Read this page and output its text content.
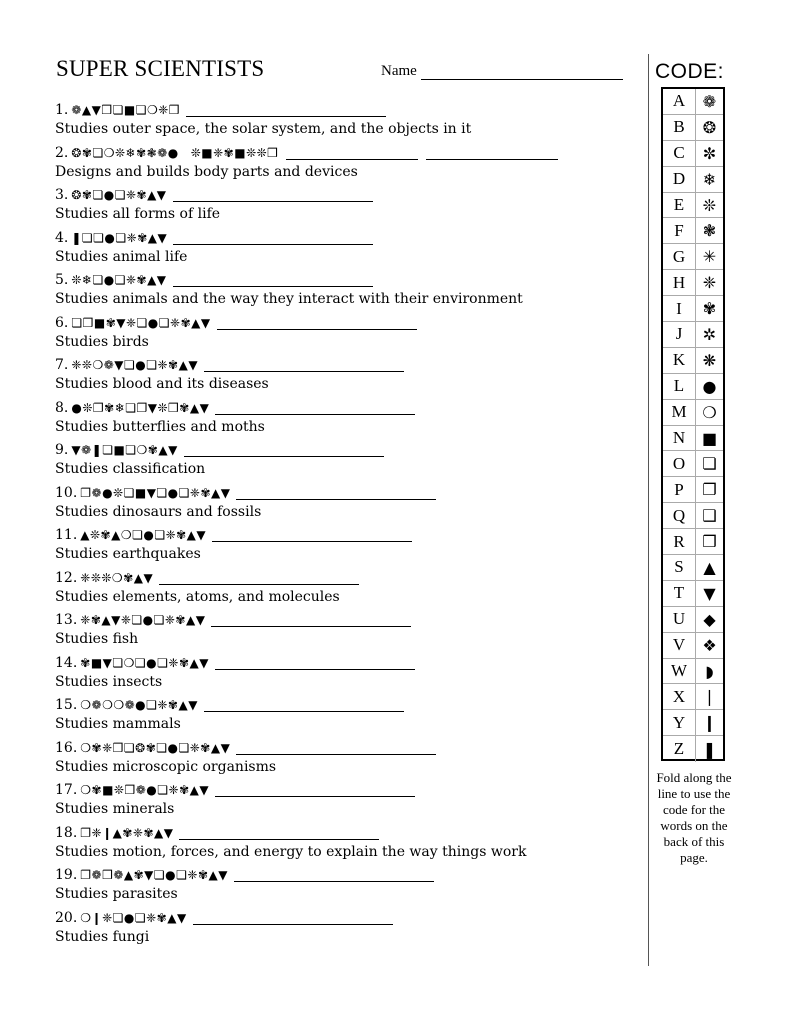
SUPER SCIENTISTS	Name
1. ❁▲▼❒❏■❏❍❈❒
Studies outer space, the solar system, and the objects in it
2. ❂✾❏❍❊❄✾❃❁● ❊■❈✾■❊❊❒
Designs and builds body parts and devices
3. ❂✾❏●❏❈✾▲▼
Studies all forms of life
4. ❚❏❏●❏❈✾▲▼
Studies animal life
5. ❊❄❏●❏❈✾▲▼
Studies animals and the way they interact with their environment
6. ❏❒■✾▼❈❏●❏❈✾▲▼
Studies birds
7. ❈❊❍❁▼❏●❏❈✾▲▼
Studies blood and its diseases
8. ●❊❐✾❄❏❐▼❊❒✾▲▼
Studies butterflies and moths
9. ▼❁❚❏■❏❍✾▲▼
Studies classification
10. ❐❁●❊❏■▼❏●❏❈✾▲▼
Studies dinosaurs and fossils
11. ▲❊✾▲❍❏●❏❈✾▲▼
Studies earthquakes
12. ❈❊❊❍✾▲▼
Studies elements, atoms, and molecules
13. ❈✾▲▼❈❏●❏❈✾▲▼
Studies fish
14. ✾■▼❏❍❏●❏❈✾▲▼
Studies insects
15. ❍❁❍❍❁●❏❈✾▲▼
Studies mammals
16. ❍✾❈❒❏❂✾❏●❏❈✾▲▼
Studies microscopic organisms
17. ❍✾■❊❒❁●❏❈✾▲▼
Studies minerals
18. ❐❈❙▲✾❈✾▲▼
Studies motion, forces, and energy to explain the way things work
19. ❐❁❒❁▲✾▼❏●❏❈✾▲▼
Studies parasites
20. ❍❙❈❏●❏❈✾▲▼
Studies fungi
CODE:
A	❁
B	❂
C	✼
D	❄
E	❊
F	❃
G	✳
H	❈
I	✾
J	✲
K	❋
L	●
M ❍
N	■
O	❏
P	❐
Q	❑
R	❒
S	▲
T	▼
U	◆
V	❖
W	◗
X	❘
Y	❙
Z	❚
Fold along the line to use the code for the words on the back of this page.
